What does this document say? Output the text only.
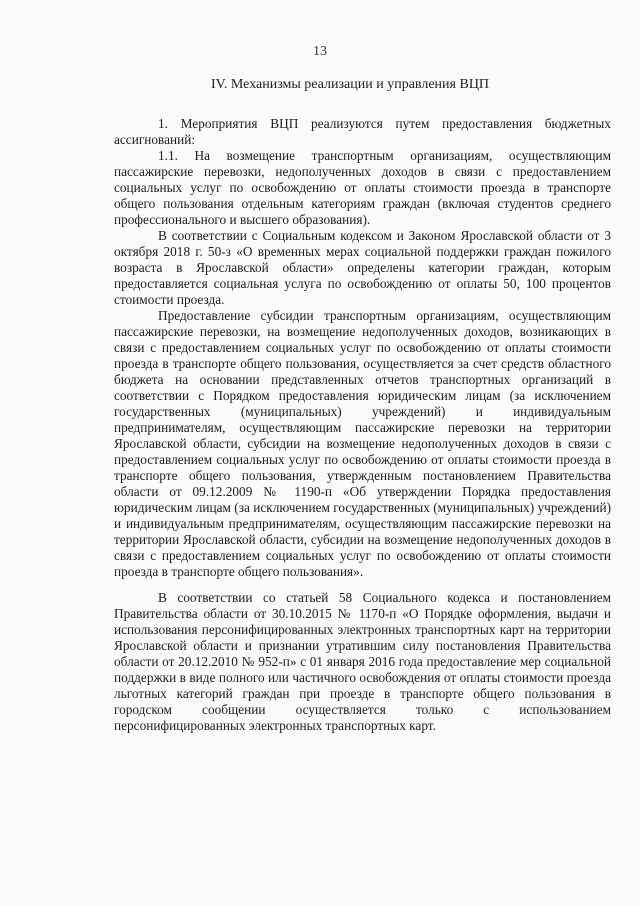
13
IV. Механизмы реализации и управления ВЦП

1. Мероприятия ВЦП реализуются путем предоставления бюджетных ассигнований:

1.1. На возмещение транспортным организациям, осуществляющим пассажирские перевозки, недополученных доходов в связи с предоставлением социальных услуг по освобождению от оплаты стоимости проезда в транспорте общего пользования отдельным категориям граждан (включая студентов среднего профессионального и высшего образования).

В соответствии с Социальным кодексом и Законом Ярославской области от 3 октября 2018 г. 50-з «О временных мерах социальной поддержки граждан пожилого возраста в Ярославской области» определены категории граждан, которым предоставляется социальная услуга по освобождению от оплаты 50, 100 процентов стоимости проезда.

Предоставление субсидии транспортным организациям, осуществляющим пассажирские перевозки, на возмещение недополученных доходов, возникающих в связи с предоставлением социальных услуг по освобождению от оплаты стоимости проезда в транспорте общего пользования, осуществляется за счет средств областного бюджета на основании представленных отчетов транспортных организаций в соответствии с Порядком предоставления юридическим лицам (за исключением государственных (муниципальных) учреждений) и индивидуальным предпринимателям, осуществляющим пассажирские перевозки на территории Ярославской области, субсидии на возмещение недополученных доходов в связи с предоставлением социальных услуг по освобождению от оплаты стоимости проезда в транспорте общего пользования, утвержденным постановлением Правительства области от 09.12.2009 № 1190-п «Об утверждении Порядка предоставления юридическим лицам (за исключением государственных (муниципальных) учреждений) и индивидуальным предпринимателям, осуществляющим пассажирские перевозки на территории Ярославской области, субсидии на возмещение недополученных доходов в связи с предоставлением социальных услуг по освобождению от оплаты стоимости проезда в транспорте общего пользования».

В соответствии со статьей 58 Социального кодекса и постановлением Правительства области от 30.10.2015 № 1170-п «О Порядке оформления, выдачи и использования персонифицированных электронных транспортных карт на территории Ярославской области и признании утратившим силу постановления Правительства области от 20.12.2010 № 952-п» с 01 января 2016 года предоставление мер социальной поддержки в виде полного или частичного освобождения от оплаты стоимости проезда льготных категорий граждан при проезде в транспорте общего пользования в городском сообщении осуществляется только с использованием персонифицированных электронных транспортных карт.
